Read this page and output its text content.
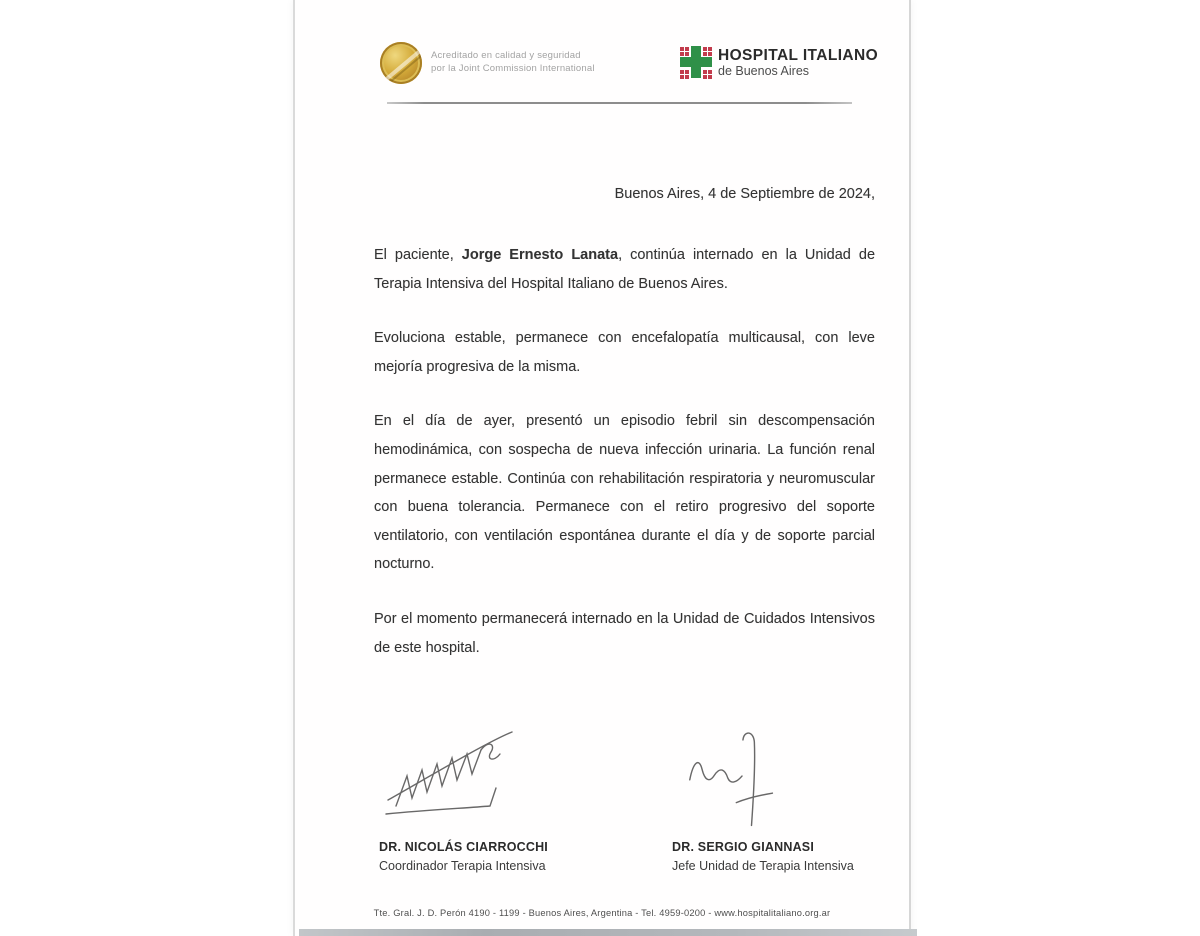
Acreditado en calidad y seguridad
por la Joint Commission International
HOSPITAL ITALIANO
de Buenos Aires
Buenos Aires, 4 de Septiembre de 2024,

El paciente, Jorge Ernesto Lanata, continúa internado en la Unidad de Terapia Intensiva del Hospital Italiano de Buenos Aires.

Evoluciona estable, permanece con encefalopatía multicausal, con leve mejoría progresiva de la misma.

En el día de ayer, presentó un episodio febril sin descompensación hemodinámica, con sospecha de nueva infección urinaria. La función renal permanece estable. Continúa con rehabilitación respiratoria y neuromuscular con buena tolerancia. Permanece con el retiro progresivo del soporte ventilatorio, con ventilación espontánea durante el día y de soporte parcial nocturno.

Por el momento permanecerá internado en la Unidad de Cuidados Intensivos de este hospital.

DR. NICOLÁS CIARROCCHI
Coordinador Terapia Intensiva
DR. SERGIO GIANNASI
Jefe Unidad de Terapia Intensiva
Tte. Gral. J. D. Perón 4190 - 1199 - Buenos Aires, Argentina - Tel. 4959-0200 - www.hospitalitaliano.org.ar
